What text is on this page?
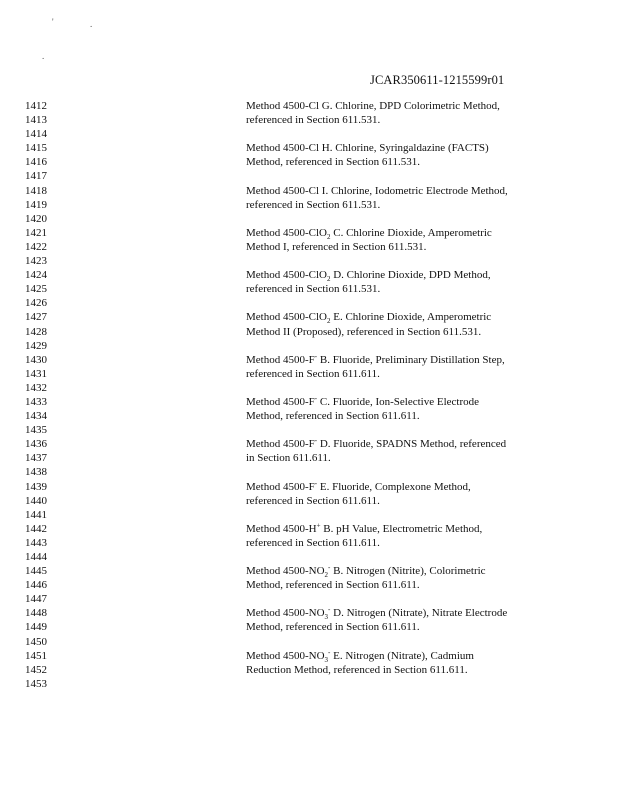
'	.
.
JCAR350611-1215599r01
1412	Method 4500-Cl G. Chlorine, DPD Colorimetric Method,
1413	referenced in Section 611.531.
1414
1415	Method 4500-Cl H. Chlorine, Syringaldazine (FACTS)
1416	Method, referenced in Section 611.531.
1417
1418	Method 4500-Cl I. Chlorine, Iodometric Electrode Method,
1419	referenced in Section 611.531.
1420
1421	Method 4500-ClO$_2$ C. Chlorine Dioxide, Amperometric
1422	Method I, referenced in Section 611.531.
1423
1424	Method 4500-ClO$_2$ D. Chlorine Dioxide, DPD Method,
1425	referenced in Section 611.531.
1426
1427	Method 4500-ClO$_2$ E. Chlorine Dioxide, Amperometric
1428	Method II (Proposed), referenced in Section 611.531.
1429
1430	Method 4500-F- B. Fluoride, Preliminary Distillation Step,
1431	referenced in Section 611.611.
1432
1433	Method 4500-F- C. Fluoride, Ion-Selective Electrode
1434	Method, referenced in Section 611.611.
1435
1436	Method 4500-F- D. Fluoride, SPADNS Method, referenced
1437	in Section 611.611.
1438
1439	Method 4500-F- E. Fluoride, Complexone Method,
1440	referenced in Section 611.611.
1441
1442	Method 4500-H+ B. pH Value, Electrometric Method,
1443	referenced in Section 611.611.
1444
1445	Method $4500-NO_2^-$ B. Nitrogen (Nitrite), Colorimetric
1446	Method, referenced in Section 611.611.
1447
1448	Method $4500-NO_3^-$ D. Nitrogen (Nitrate), Nitrate Electrode
1449	Method, referenced in Section 611.611.
1450
1451	Method $4500-NO_3^-$ E. Nitrogen (Nitrate), Cadmium
1452	Reduction Method, referenced in Section 611.611.
1453
